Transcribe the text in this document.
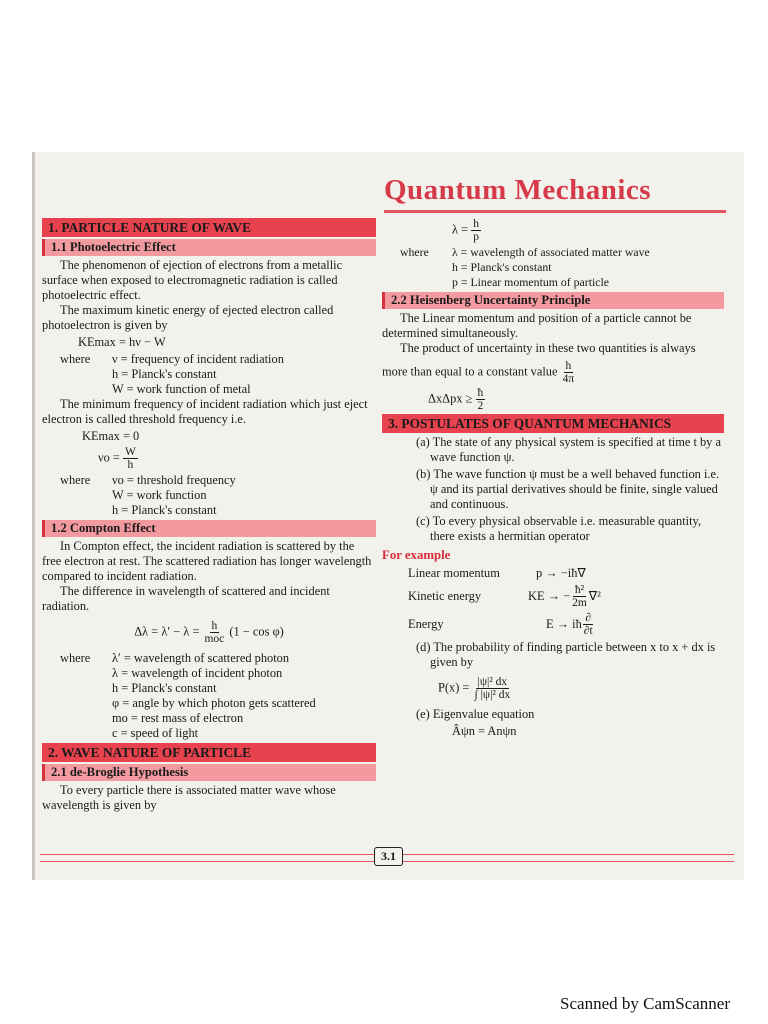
Quantum Mechanics
1. PARTICLE NATURE OF WAVE
1.1 Photoelectric Effect

The phenomenon of ejection of electrons from a metallic surface when exposed to electromagnetic radiation is called photoelectric effect.

The maximum kinetic energy of ejected electron called photoelectron is given by

KEmax = hν − W

where	ν = frequency of incident radiation
h = Planck's constant
W = work function of metal

The minimum frequency of incident radiation which just eject electron is called threshold frequency i.e.

KEmax = 0

$\nu o = \frac{W}{h}$

where	νo = threshold frequency
W = work function
h = Planck's constant
1.2 Compton Effect

In Compton effect, the incident radiation is scattered by the free electron at rest. The scattered radiation has longer wavelength compared to incident radiation.

The difference in wavelength of scattered and incident radiation.

$\Delta\lambda = \lambda' - \lambda = \frac{h}{\text{moc}} (1 - \cos \varphi)$

where	λ′ = wavelength of scattered photon
λ = wavelength of incident photon
h = Planck's constant
φ = angle by which photon gets scattered
mo = rest mass of electron
c = speed of light
2. WAVE NATURE OF PARTICLE
2.1 de-Broglie Hypothesis

To every particle there is associated matter wave whose wavelength is given by

$\lambda = \frac{h}{p}$

where	λ = wavelength of associated matter wave
h = Planck's constant
p = Linear momentum of particle
2.2 Heisenberg Uncertainty Principle

The Linear momentum and position of a particle cannot be determined simultaneously.

The product of uncertainty in these two quantities is always

more than equal to a constant value $\frac{h}{4\pi}$

$\Delta x\Delta px \ge \frac{ħ}{2}$

3. POSTULATES OF QUANTUM MECHANICS

(a) The state of any physical system is specified at time t by a wave function ψ.

(b) The wave function ψ must be a well behaved function i.e. ψ and its partial derivatives should be finite, single valued and continuous.

(c) To every physical observable i.e. measurable quantity, there exists a hermitian operator

For example
Linear momentum	p → −iħ∇
Kinetic energy	KE → − $\frac{\text{ħ²}}{2m} \nabla^2$
Energy	E → iħ $\frac{\partial}{\partial t}$

(d) The probability of finding particle between x to x + dx is given by

$P(x) = \frac{\text{|ψ|² dx}}{\text{∫ |ψ|² dx}}$

(e) Eigenvalue equation

Âψn = Anψn

3.1
Scanned by CamScanner
